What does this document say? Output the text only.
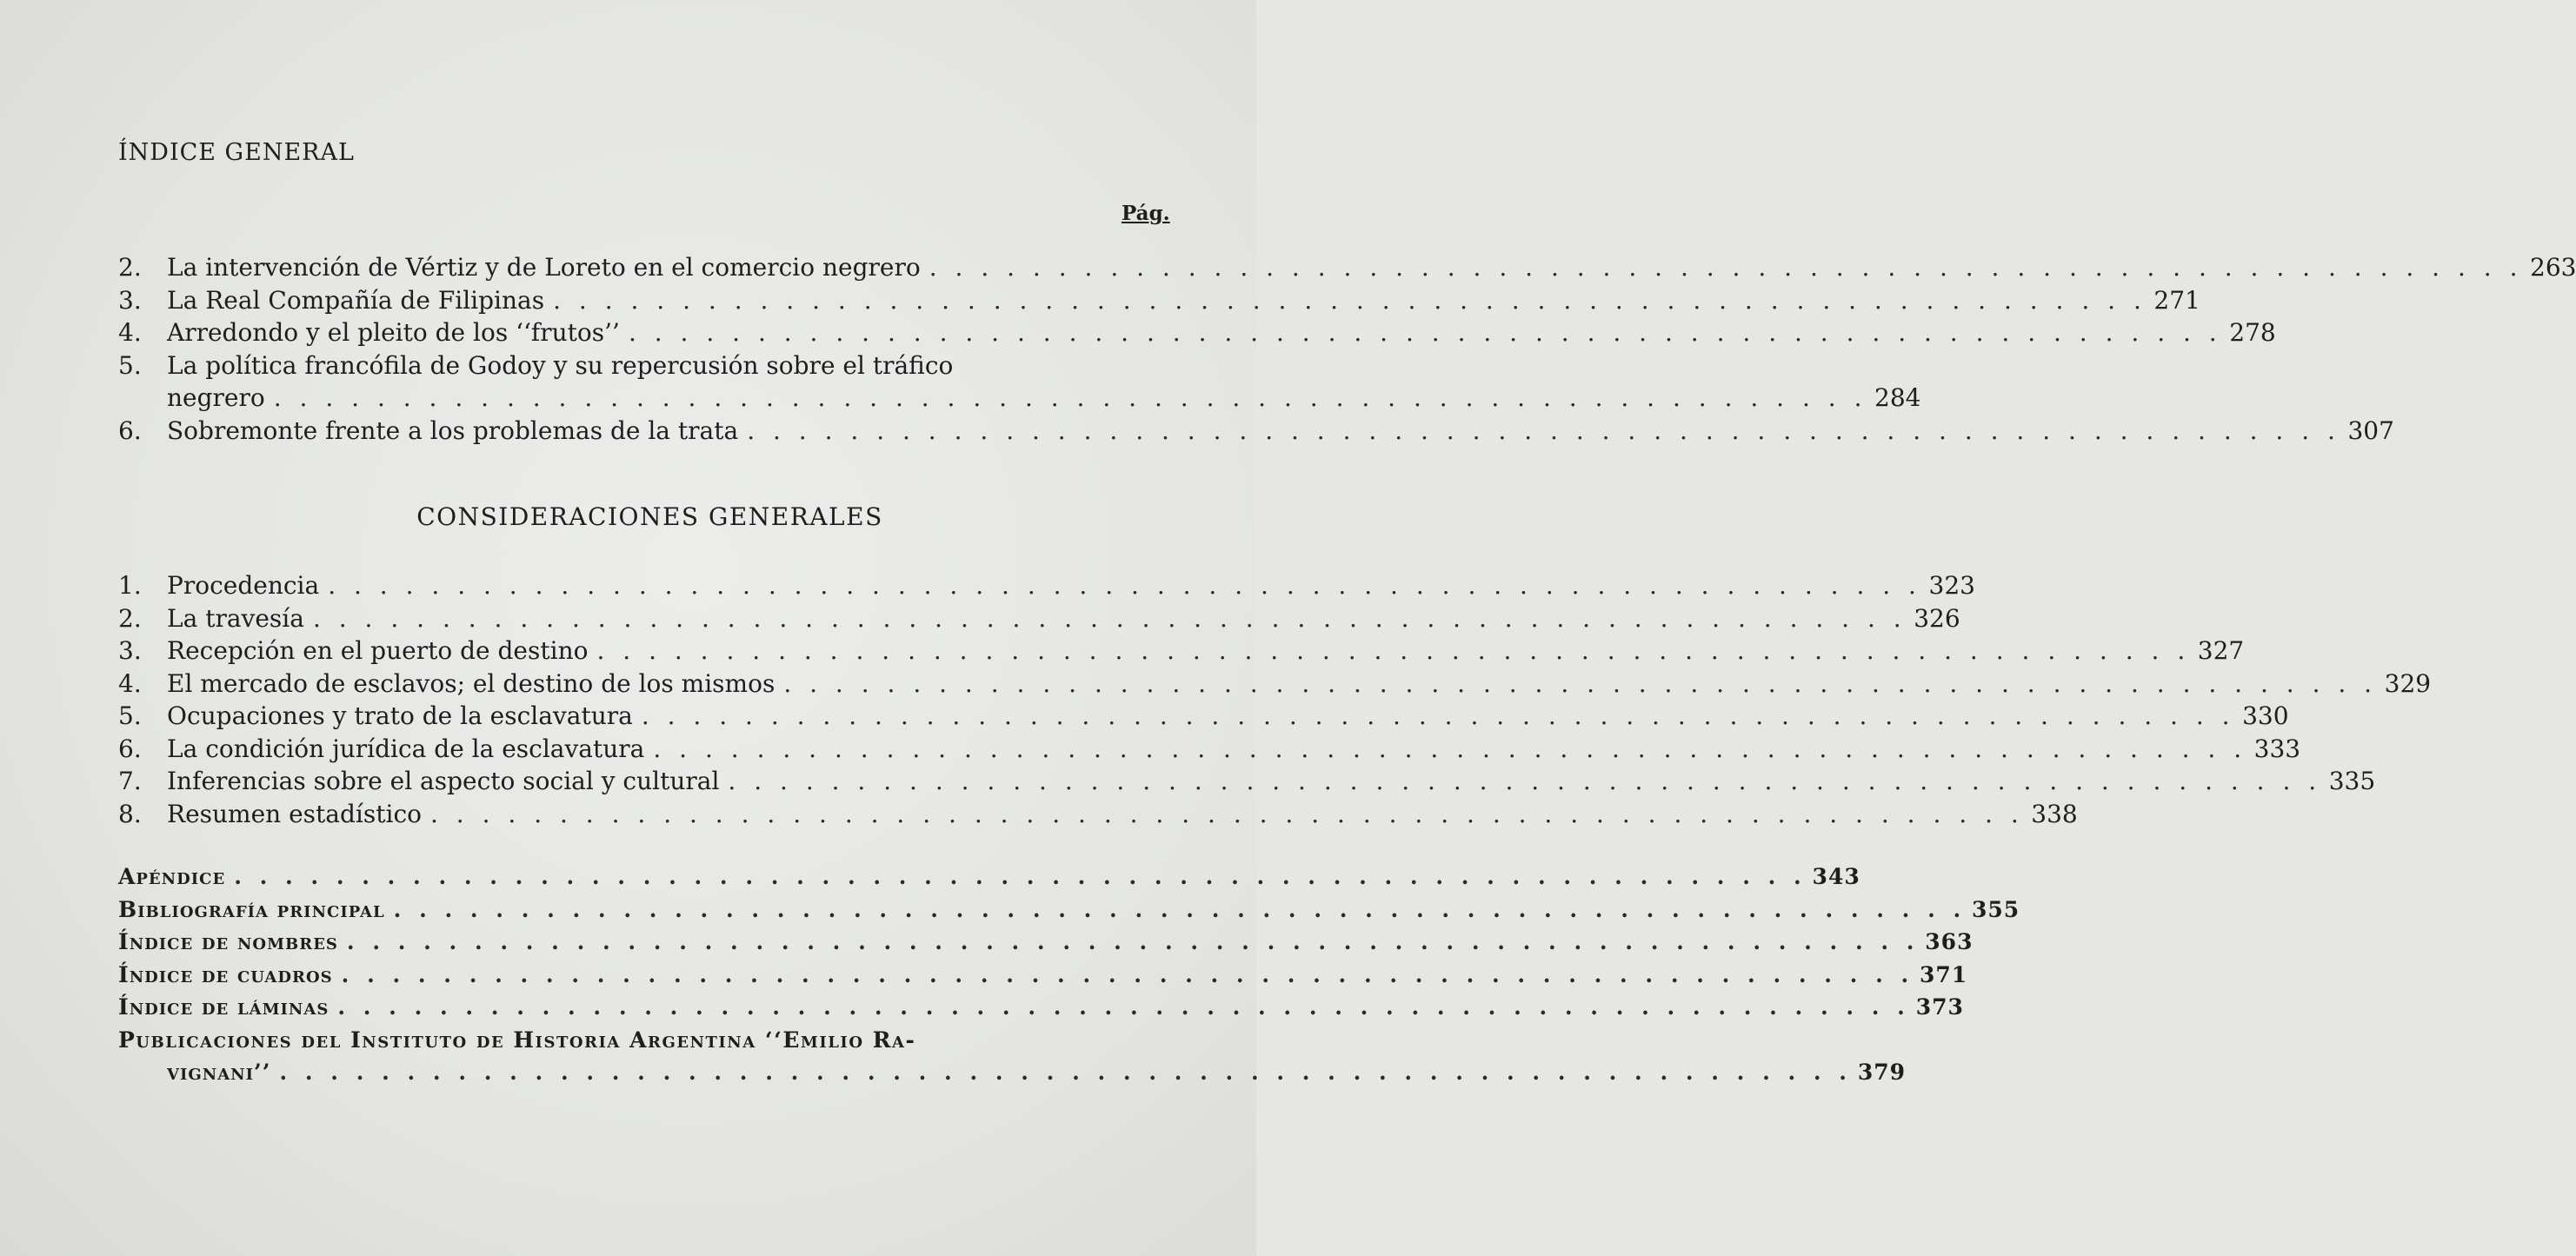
ÍNDICE GENERAL
Pág.
2.	La intervención de Vértiz y de Loreto en el comercio negrero . . . . . . . . . . . . . . . . . . . . . . . . . . . . . . . . . . . . . . . . . . . . . . . . . . . . . . . . . . . . . . 263
3.	La Real Compañía de Filipinas . . . . . . . . . . . . . . . . . . . . . . . . . . . . . . . . . . . . . . . . . . . . . . . . . . . . . . . . . . . . . . 271
4.	Arredondo y el pleito de los ‘‘frutos’’ . . . . . . . . . . . . . . . . . . . . . . . . . . . . . . . . . . . . . . . . . . . . . . . . . . . . . . . . . . . . . . 278
5.	La política francófila de Godoy y su repercusión sobre el tráfico
negrero . . . . . . . . . . . . . . . . . . . . . . . . . . . . . . . . . . . . . . . . . . . . . . . . . . . . . . . . . . . . . . 284
6.	Sobremonte frente a los problemas de la trata . . . . . . . . . . . . . . . . . . . . . . . . . . . . . . . . . . . . . . . . . . . . . . . . . . . . . . . . . . . . . . 307
CONSIDERACIONES GENERALES
1.	Procedencia . . . . . . . . . . . . . . . . . . . . . . . . . . . . . . . . . . . . . . . . . . . . . . . . . . . . . . . . . . . . . . 323
2.	La travesía . . . . . . . . . . . . . . . . . . . . . . . . . . . . . . . . . . . . . . . . . . . . . . . . . . . . . . . . . . . . . . 326
3.	Recepción en el puerto de destino . . . . . . . . . . . . . . . . . . . . . . . . . . . . . . . . . . . . . . . . . . . . . . . . . . . . . . . . . . . . . . 327
4.	El mercado de esclavos; el destino de los mismos . . . . . . . . . . . . . . . . . . . . . . . . . . . . . . . . . . . . . . . . . . . . . . . . . . . . . . . . . . . . . . 329
5.	Ocupaciones y trato de la esclavatura . . . . . . . . . . . . . . . . . . . . . . . . . . . . . . . . . . . . . . . . . . . . . . . . . . . . . . . . . . . . . . 330
6.	La condición jurídica de la esclavatura . . . . . . . . . . . . . . . . . . . . . . . . . . . . . . . . . . . . . . . . . . . . . . . . . . . . . . . . . . . . . . 333
7.	Inferencias sobre el aspecto social y cultural . . . . . . . . . . . . . . . . . . . . . . . . . . . . . . . . . . . . . . . . . . . . . . . . . . . . . . . . . . . . . . 335
8.	Resumen estadístico . . . . . . . . . . . . . . . . . . . . . . . . . . . . . . . . . . . . . . . . . . . . . . . . . . . . . . . . . . . . . . 338
Apéndice . . . . . . . . . . . . . . . . . . . . . . . . . . . . . . . . . . . . . . . . . . . . . . . . . . . . . . . . . . . . . . 343
Bibliografía principal . . . . . . . . . . . . . . . . . . . . . . . . . . . . . . . . . . . . . . . . . . . . . . . . . . . . . . . . . . . . . . 355
Índice de nombres . . . . . . . . . . . . . . . . . . . . . . . . . . . . . . . . . . . . . . . . . . . . . . . . . . . . . . . . . . . . . . 363
Índice de cuadros . . . . . . . . . . . . . . . . . . . . . . . . . . . . . . . . . . . . . . . . . . . . . . . . . . . . . . . . . . . . . . 371
Índice de láminas . . . . . . . . . . . . . . . . . . . . . . . . . . . . . . . . . . . . . . . . . . . . . . . . . . . . . . . . . . . . . . 373
Publicaciones del Instituto de Historia Argentina ‘‘Emilio Ra-
vignani’’ . . . . . . . . . . . . . . . . . . . . . . . . . . . . . . . . . . . . . . . . . . . . . . . . . . . . . . . . . . . . . . 379
